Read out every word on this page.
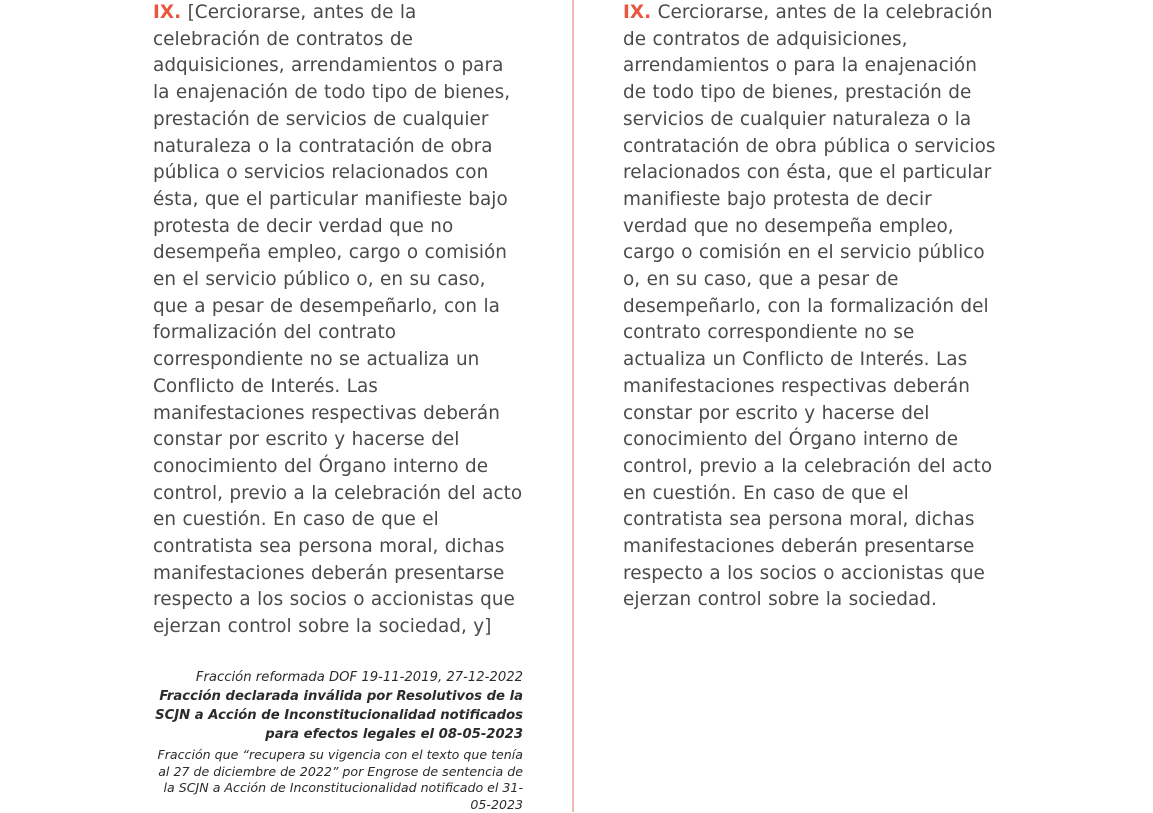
IX. [Cerciorarse, antes de la celebración de contratos de adquisiciones, arrendamientos o para la enajenación de todo tipo de bienes, prestación de servicios de cualquier naturaleza o la contratación de obra pública o servicios relacionados con ésta, que el particular manifieste bajo protesta de decir verdad que no desempeña empleo, cargo o comisión en el servicio público o, en su caso, que a pesar de desempeñarlo, con la formalización del contrato correspondiente no se actualiza un Conflicto de Interés. Las manifestaciones respectivas deberán constar por escrito y hacerse del conocimiento del Órgano interno de control, previo a la celebración del acto en cuestión. En caso de que el contratista sea persona moral, dichas manifestaciones deberán presentarse respecto a los socios o accionistas que ejerzan control sobre la sociedad, y]

IX. Cerciorarse, antes de la celebración de contratos de adquisiciones, arrendamientos o para la enajenación de todo tipo de bienes, prestación de servicios de cualquier naturaleza o la contratación de obra pública o servicios relacionados con ésta, que el particular manifieste bajo protesta de decir verdad que no desempeña empleo, cargo o comisión en el servicio público o, en su caso, que a pesar de desempeñarlo, con la formalización del contrato correspondiente no se actualiza un Conflicto de Interés. Las manifestaciones respectivas deberán constar por escrito y hacerse del conocimiento del Órgano interno de control, previo a la celebración del acto en cuestión. En caso de que el contratista sea persona moral, dichas manifestaciones deberán presentarse respecto a los socios o accionistas que ejerzan control sobre la sociedad.

Fracción reformada DOF 19-11-2019, 27-12-2022

Fracción declarada inválida por Resolutivos de la SCJN a Acción de Inconstitucionalidad notificados para efectos legales el 08-05-2023

Fracción que “recupera su vigencia con el texto que tenía al 27 de diciembre de 2022” por Engrose de sentencia de la SCJN a Acción de Inconstitucionalidad notificado el 31-05-2023
